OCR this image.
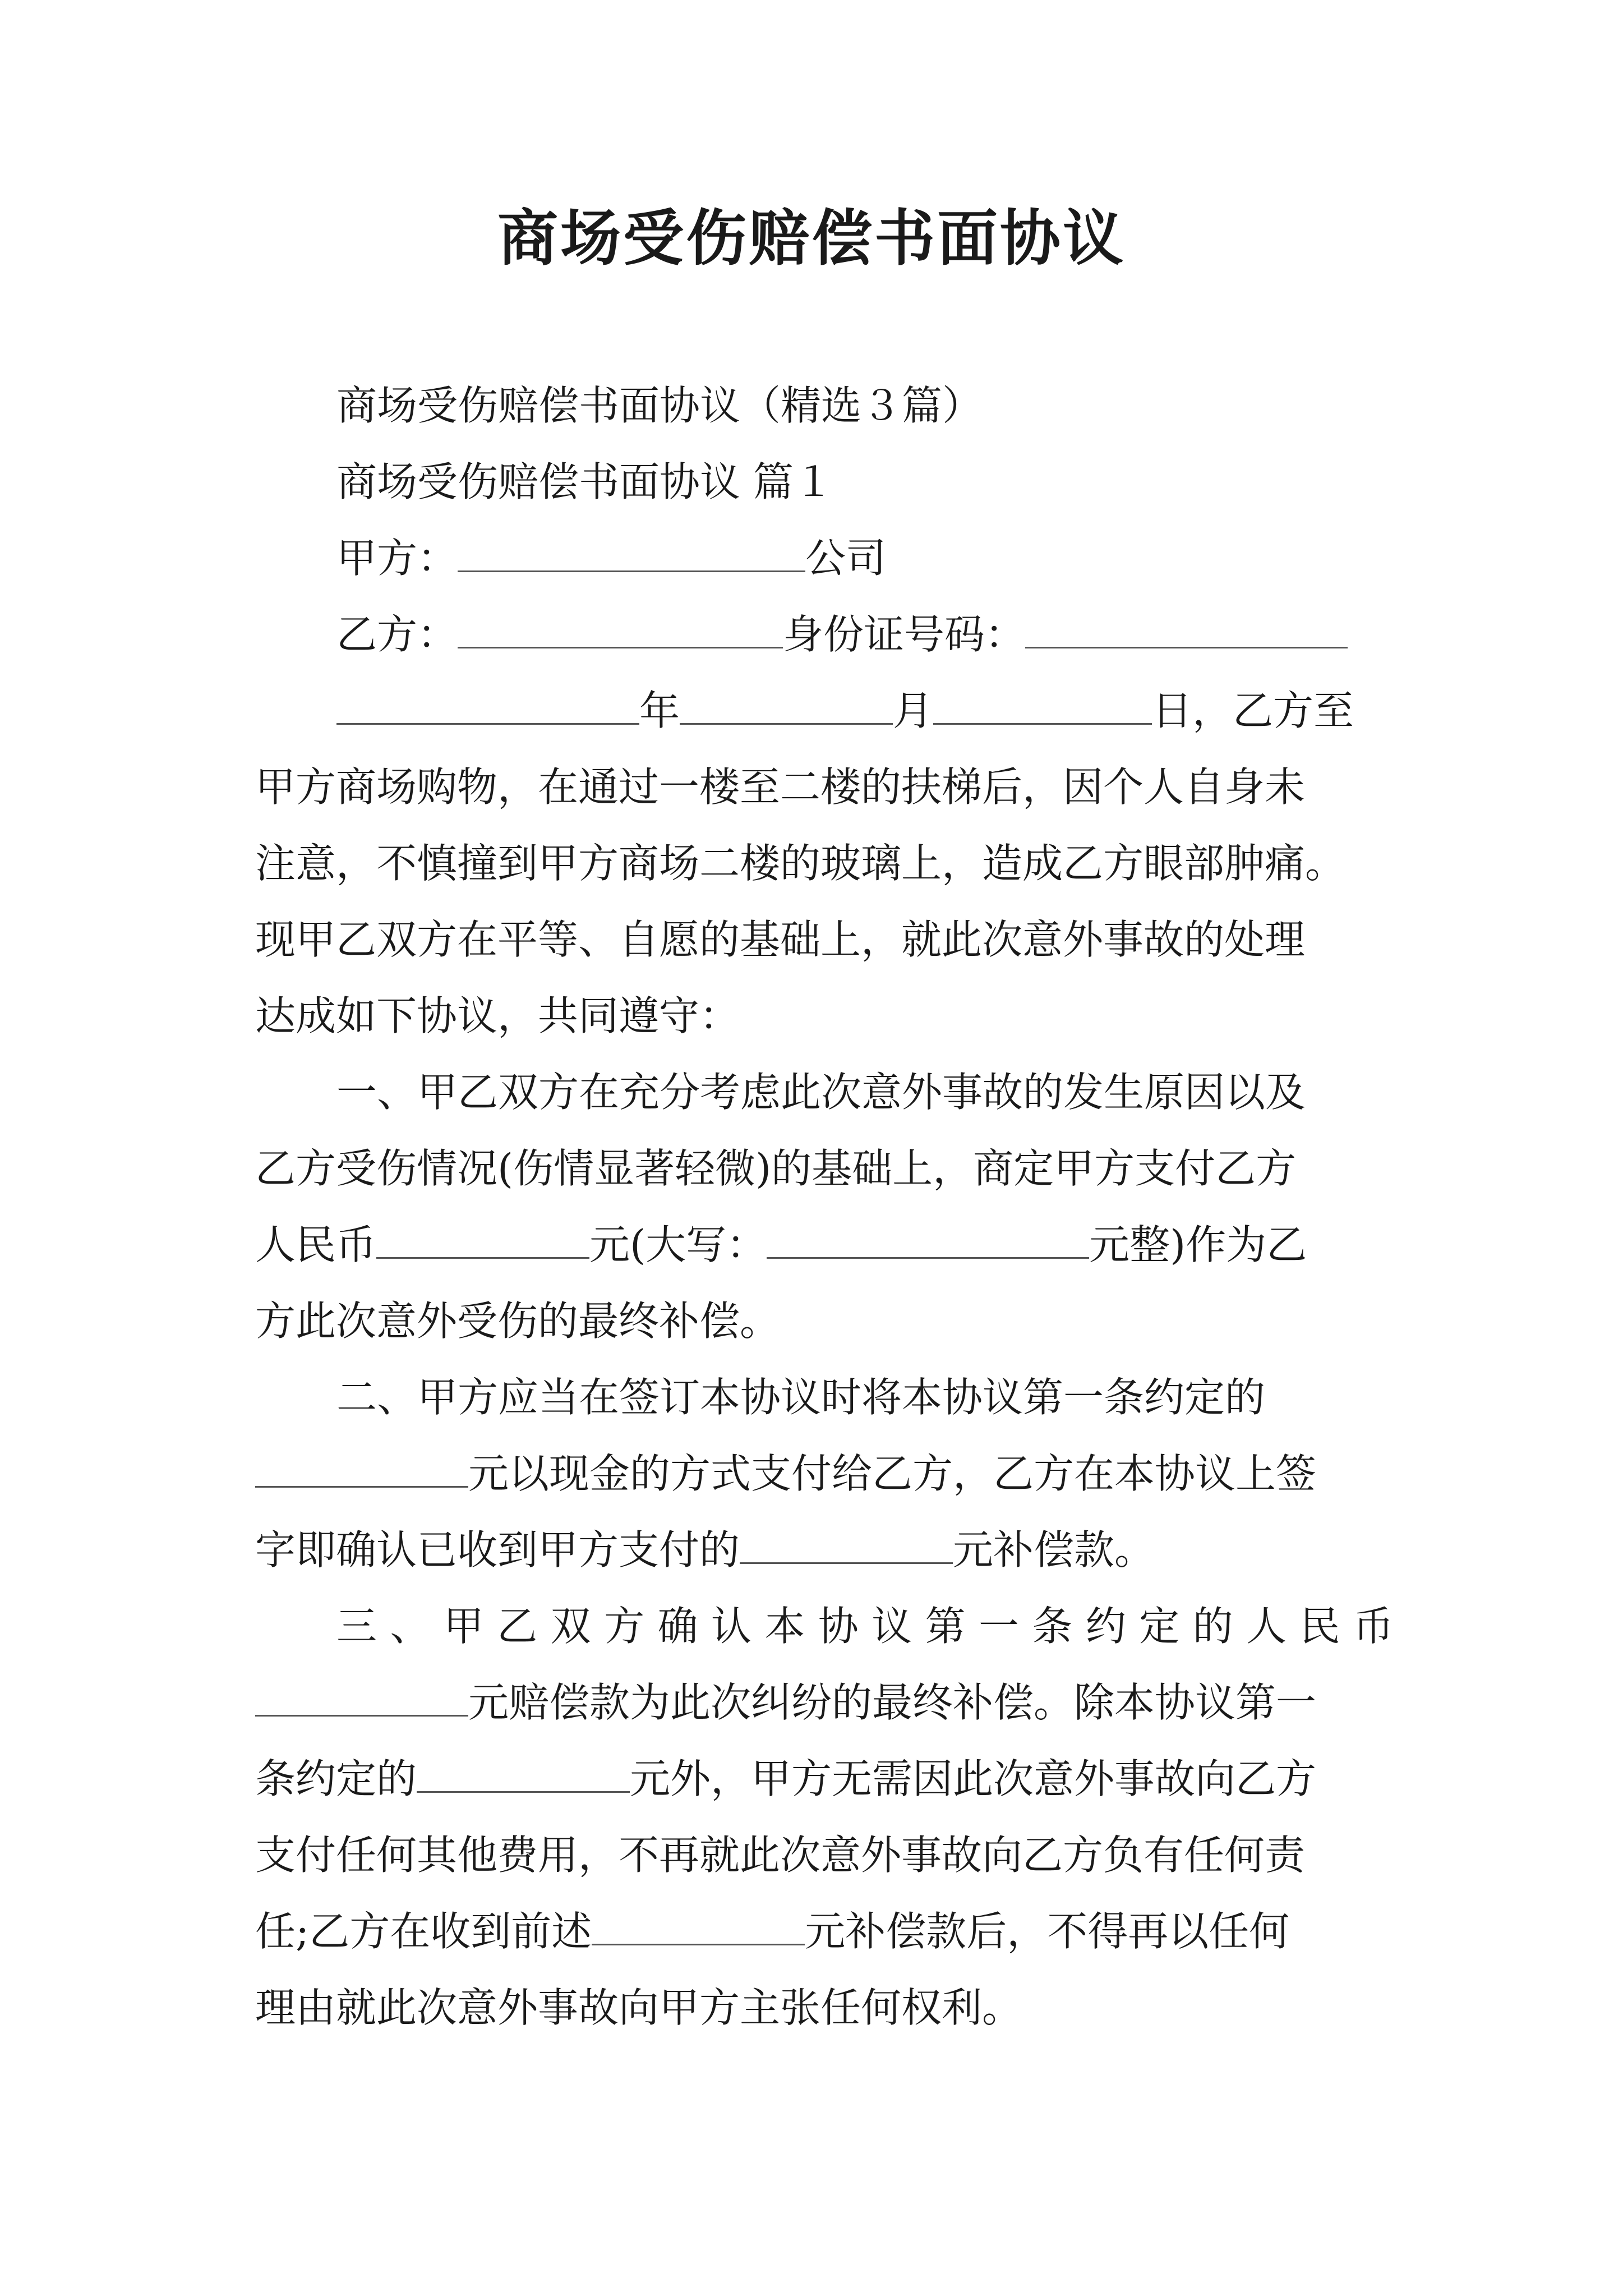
商场受伤赔偿书面协议
商场受伤赔偿书面协议（精选３篇）
商场受伤赔偿书面协议 篇１
甲方：	公司
乙方：	身份证号码：
年	月	日，乙方至
甲方商场购物，在通过一楼至二楼的扶梯后，因个人自身未
注意，不慎撞到甲方商场二楼的玻璃上，造成乙方眼部肿痛。
现甲乙双方在平等、自愿的基础上，就此次意外事故的处理
达成如下协议，共同遵守：
一、甲乙双方在充分考虑此次意外事故的发生原因以及
乙方受伤情况(伤情显著轻微)的基础上，商定甲方支付乙方
人民币	元(大写：	元整)作为乙
方此次意外受伤的最终补偿。
二、甲方应当在签订本协议时将本协议第一条约定的
元以现金的方式支付给乙方，乙方在本协议上签
字即确认已收到甲方支付的	元补偿款。
三、甲乙双方确认本协议第一条约定的人民币
元赔偿款为此次纠纷的最终补偿。除本协议第一
条约定的	元外，甲方无需因此次意外事故向乙方
支付任何其他费用，不再就此次意外事故向乙方负有任何责
任;乙方在收到前述	元补偿款后，不得再以任何
理由就此次意外事故向甲方主张任何权利。
